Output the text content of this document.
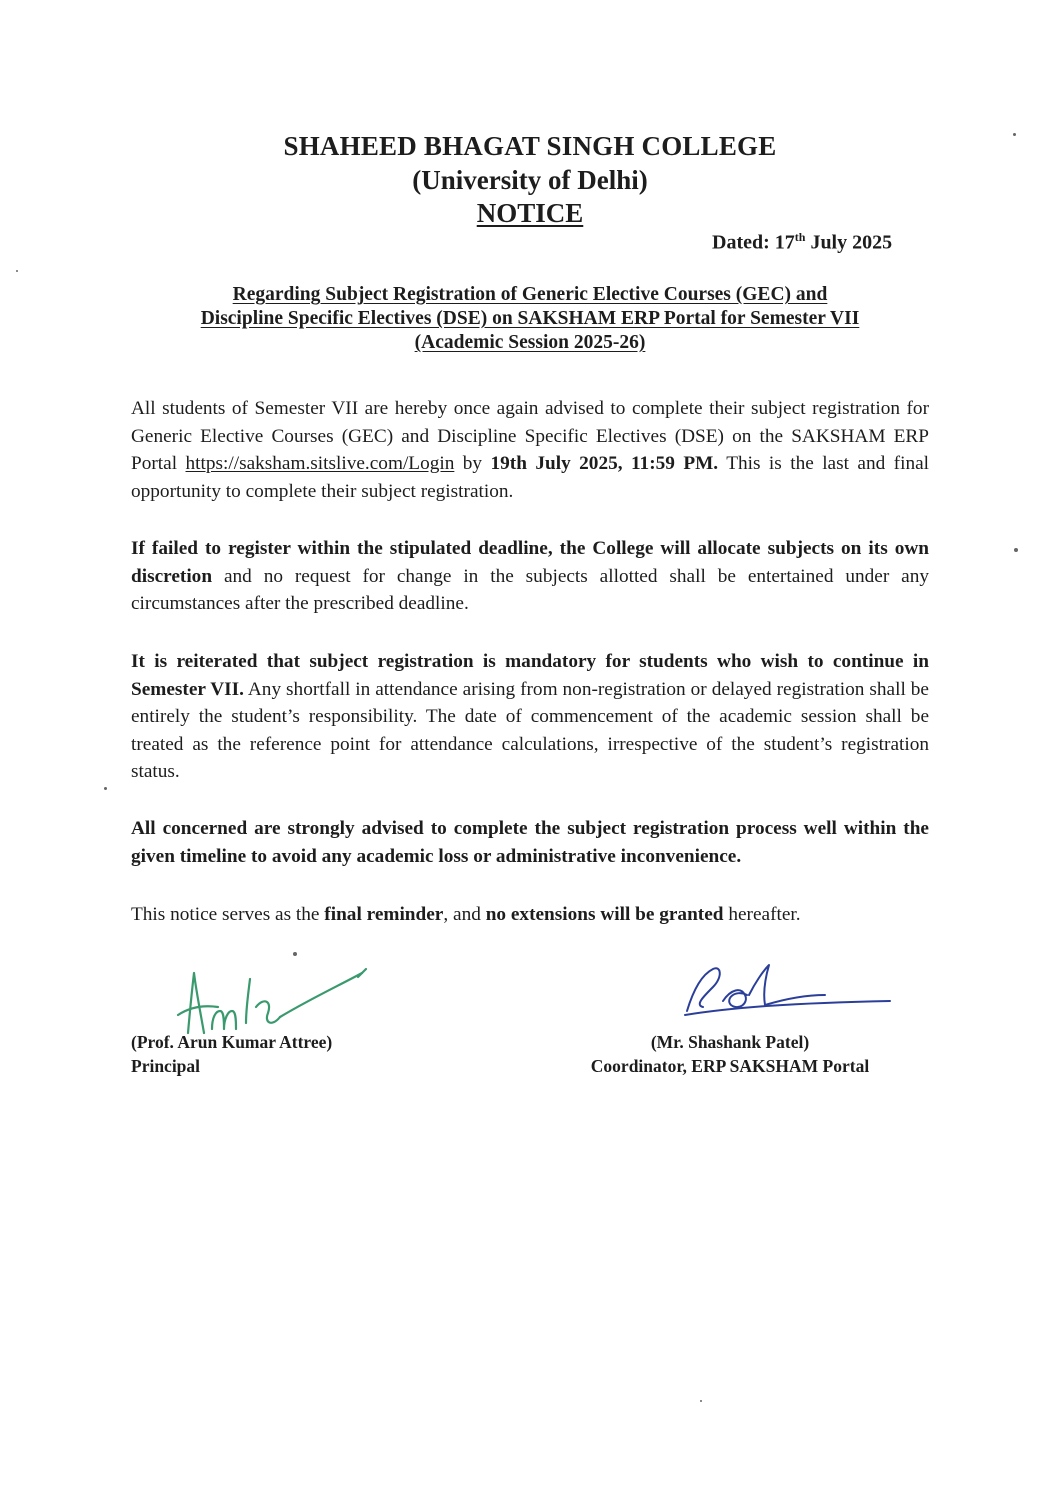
SHAHEED BHAGAT SINGH COLLEGE
(University of Delhi)
NOTICE
Dated: 17th July 2025
Regarding Subject Registration of Generic Elective Courses (GEC) and
Discipline Specific Electives (DSE) on SAKSHAM ERP Portal for Semester VII
(Academic Session 2025-26)
All students of Semester VII are hereby once again advised to complete their subject registration for Generic Elective Courses (GEC) and Discipline Specific Electives (DSE) on the SAKSHAM ERP Portal https://saksham.sitslive.com/Login by 19th July 2025, 11:59 PM. This is the last and final opportunity to complete their subject registration.
If failed to register within the stipulated deadline, the College will allocate subjects on its own discretion and no request for change in the subjects allotted shall be entertained under any circumstances after the prescribed deadline.
It is reiterated that subject registration is mandatory for students who wish to continue in Semester VII. Any shortfall in attendance arising from non-registration or delayed registration shall be entirely the student’s responsibility. The date of commencement of the academic session shall be treated as the reference point for attendance calculations, irrespective of the student’s registration status.
All concerned are strongly advised to complete the subject registration process well within the given timeline to avoid any academic loss or administrative inconvenience.
This notice serves as the final reminder, and no extensions will be granted hereafter.
(Prof. Arun Kumar Attree)
Principal
(Mr. Shashank Patel)
Coordinator, ERP SAKSHAM Portal
